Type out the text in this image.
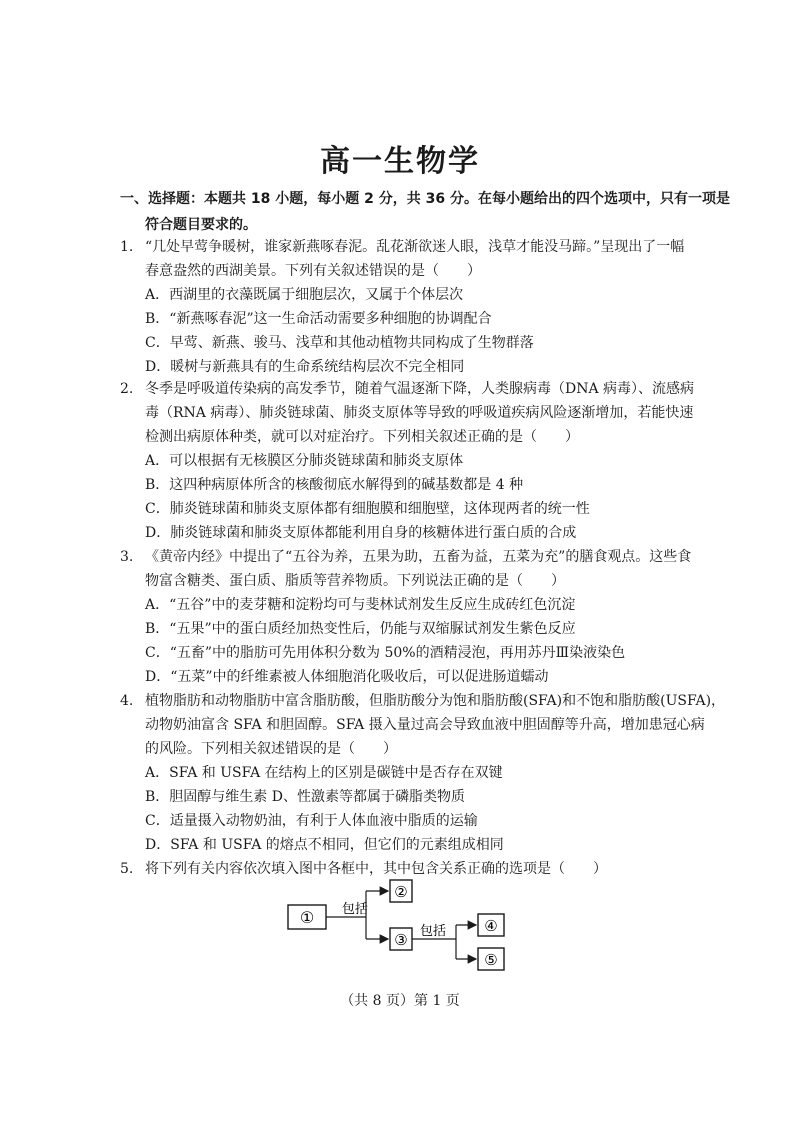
高一生物学
一、选择题：本题共 18 小题，每小题 2 分，共 36 分。在每小题给出的四个选项中，只有一项是
符合题目要求的。
1. “几处早莺争暖树，谁家新燕啄春泥。乱花渐欲迷人眼，浅草才能没马蹄。”呈现出了一幅
春意盎然的西湖美景。下列有关叙述错误的是（　　）
A．西湖里的衣藻既属于细胞层次，又属于个体层次
B．“新燕啄春泥”这一生命活动需要多种细胞的协调配合
C．早莺、新燕、骏马、浅草和其他动植物共同构成了生物群落
D．暖树与新燕具有的生命系统结构层次不完全相同
2. 冬季是呼吸道传染病的高发季节，随着气温逐渐下降，人类腺病毒（DNA 病毒）、流感病
毒（RNA 病毒）、肺炎链球菌、肺炎支原体等导致的呼吸道疾病风险逐渐增加，若能快速
检测出病原体种类，就可以对症治疗。下列相关叙述正确的是（　　）
A．可以根据有无核膜区分肺炎链球菌和肺炎支原体
B．这四种病原体所含的核酸彻底水解得到的碱基数都是 4 种
C．肺炎链球菌和肺炎支原体都有细胞膜和细胞壁，这体现两者的统一性
D．肺炎链球菌和肺炎支原体都能利用自身的核糖体进行蛋白质的合成
3. 《黄帝内经》中提出了“五谷为养，五果为助，五畜为益，五菜为充”的膳食观点。这些食
物富含糖类、蛋白质、脂质等营养物质。下列说法正确的是（　　）
A．“五谷”中的麦芽糖和淀粉均可与斐林试剂发生反应生成砖红色沉淀
B．“五果”中的蛋白质经加热变性后，仍能与双缩脲试剂发生紫色反应
C．“五畜”中的脂肪可先用体积分数为 50%的酒精浸泡，再用苏丹Ⅲ染液染色
D．“五菜”中的纤维素被人体细胞消化吸收后，可以促进肠道蠕动
4. 植物脂肪和动物脂肪中富含脂肪酸，但脂肪酸分为饱和脂肪酸(SFA)和不饱和脂肪酸(USFA)，
动物奶油富含 SFA 和胆固醇。SFA 摄入量过高会导致血液中胆固醇等升高，增加患冠心病
的风险。下列相关叙述错误的是（　　）
A．SFA 和 USFA 在结构上的区别是碳链中是否存在双键
B．胆固醇与维生素 D、性激素等都属于磷脂类物质
C．适量摄入动物奶油，有利于人体血液中脂质的运输
D．SFA 和 USFA 的熔点不相同，但它们的元素组成相同
5. 将下列有关内容依次填入图中各框中，其中包含关系正确的选项是（　　）
① 包括
②
③ 包括	④
⑤
（共 8 页）第 1 页
